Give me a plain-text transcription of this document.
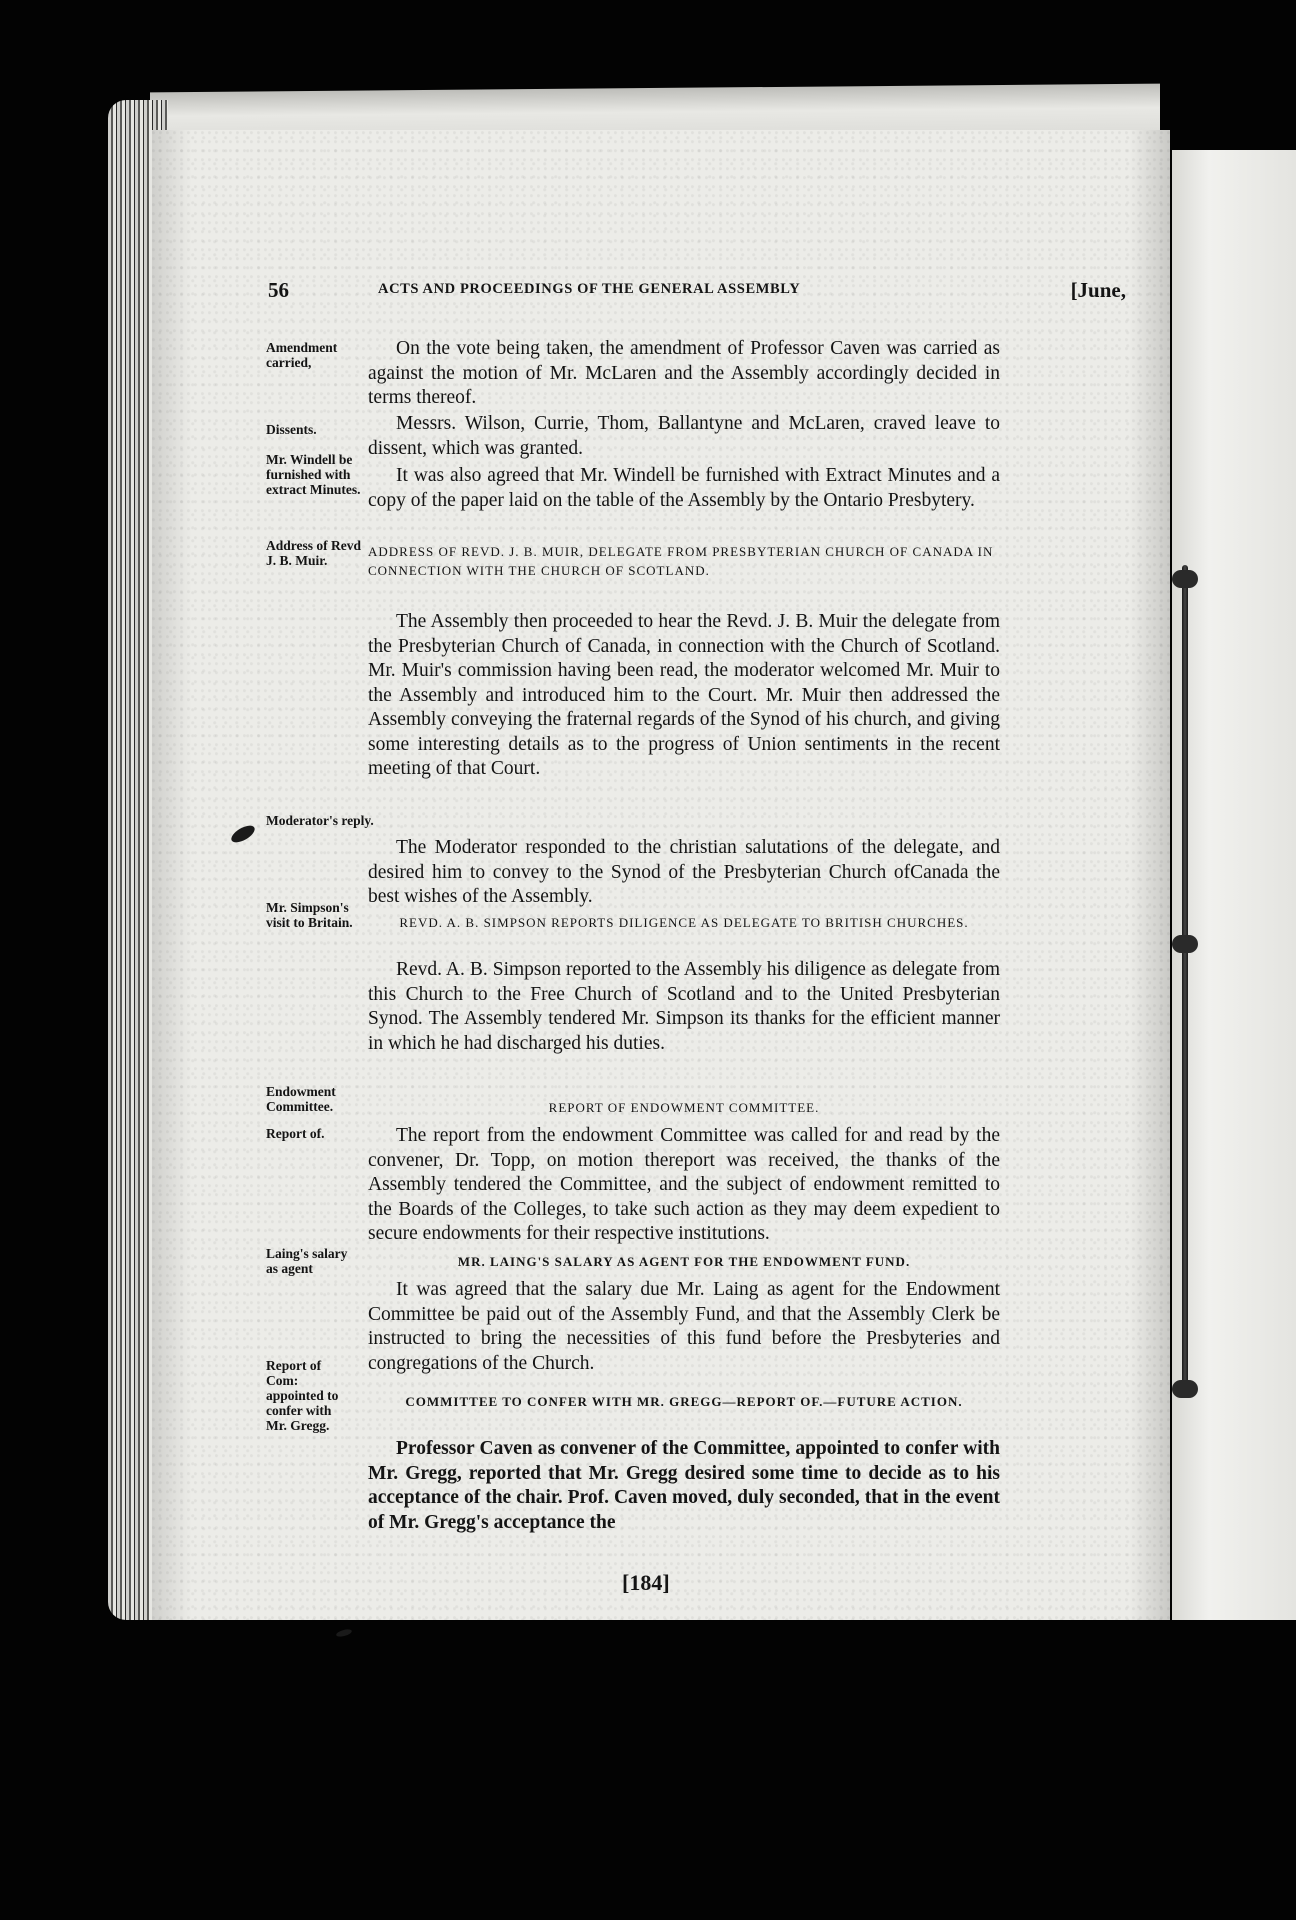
56	ACTS AND PROCEEDINGS OF THE GENERAL ASSEMBLY	[June,
Amendment carried,
Dissents.
Mr. Windell be furnished with extract Minutes.
Address of Revd J. B. Muir.
Moderator's reply.
Mr. Simpson's visit to Britain.
Endowment Committee.
Report of.
Laing's salary as agent
Report of Com: appointed to confer with Mr. Gregg.
On the vote being taken, the amendment of Professor Caven was carried as against the motion of Mr. McLaren and the Assembly accordingly decided in terms thereof.
Messrs. Wilson, Currie, Thom, Ballantyne and McLaren, craved leave to dissent, which was granted.
It was also agreed that Mr. Windell be furnished with Extract Minutes and a copy of the paper laid on the table of the Assembly by the Ontario Presbytery.
ADDRESS OF REVD. J. B. MUIR, DELEGATE FROM PRESBYTERIAN CHURCH OF CANADA IN CONNECTION WITH THE CHURCH OF SCOTLAND.
The Assembly then proceeded to hear the Revd. J. B. Muir the delegate from the Presbyterian Church of Canada, in connection with the Church of Scotland. Mr. Muir's commission having been read, the moderator welcomed Mr. Muir to the Assembly and introduced him to the Court. Mr. Muir then addressed the Assembly conveying the fraternal regards of the Synod of his church, and giving some interesting details as to the progress of Union sentiments in the recent meeting of that Court.
The Moderator responded to the christian salutations of the delegate, and desired him to convey to the Synod of the Presbyterian Church ofCanada the best wishes of the Assembly.
REVD. A. B. SIMPSON REPORTS DILIGENCE AS DELEGATE TO BRITISH CHURCHES.
Revd. A. B. Simpson reported to the Assembly his diligence as delegate from this Church to the Free Church of Scotland and to the United Presbyterian Synod. The Assembly tendered Mr. Simpson its thanks for the efficient manner in which he had discharged his duties.
REPORT OF ENDOWMENT COMMITTEE.
The report from the endowment Committee was called for and read by the convener, Dr. Topp, on motion thereport was received, the thanks of the Assembly tendered the Committee, and the subject of endowment remitted to the Boards of the Colleges, to take such action as they may deem expedient to secure endowments for their respective institutions.
MR. LAING'S SALARY AS AGENT FOR THE ENDOWMENT FUND.
It was agreed that the salary due Mr. Laing as agent for the Endowment Committee be paid out of the Assembly Fund, and that the Assembly Clerk be instructed to bring the necessities of this fund before the Presbyteries and congregations of the Church.
COMMITTEE TO CONFER WITH MR. GREGG—REPORT OF.—FUTURE ACTION.
Professor Caven as convener of the Committee, appointed to confer with Mr. Gregg, reported that Mr. Gregg desired some time to decide as to his acceptance of the chair. Prof. Caven moved, duly seconded, that in the event of Mr. Gregg's acceptance the
[184]
